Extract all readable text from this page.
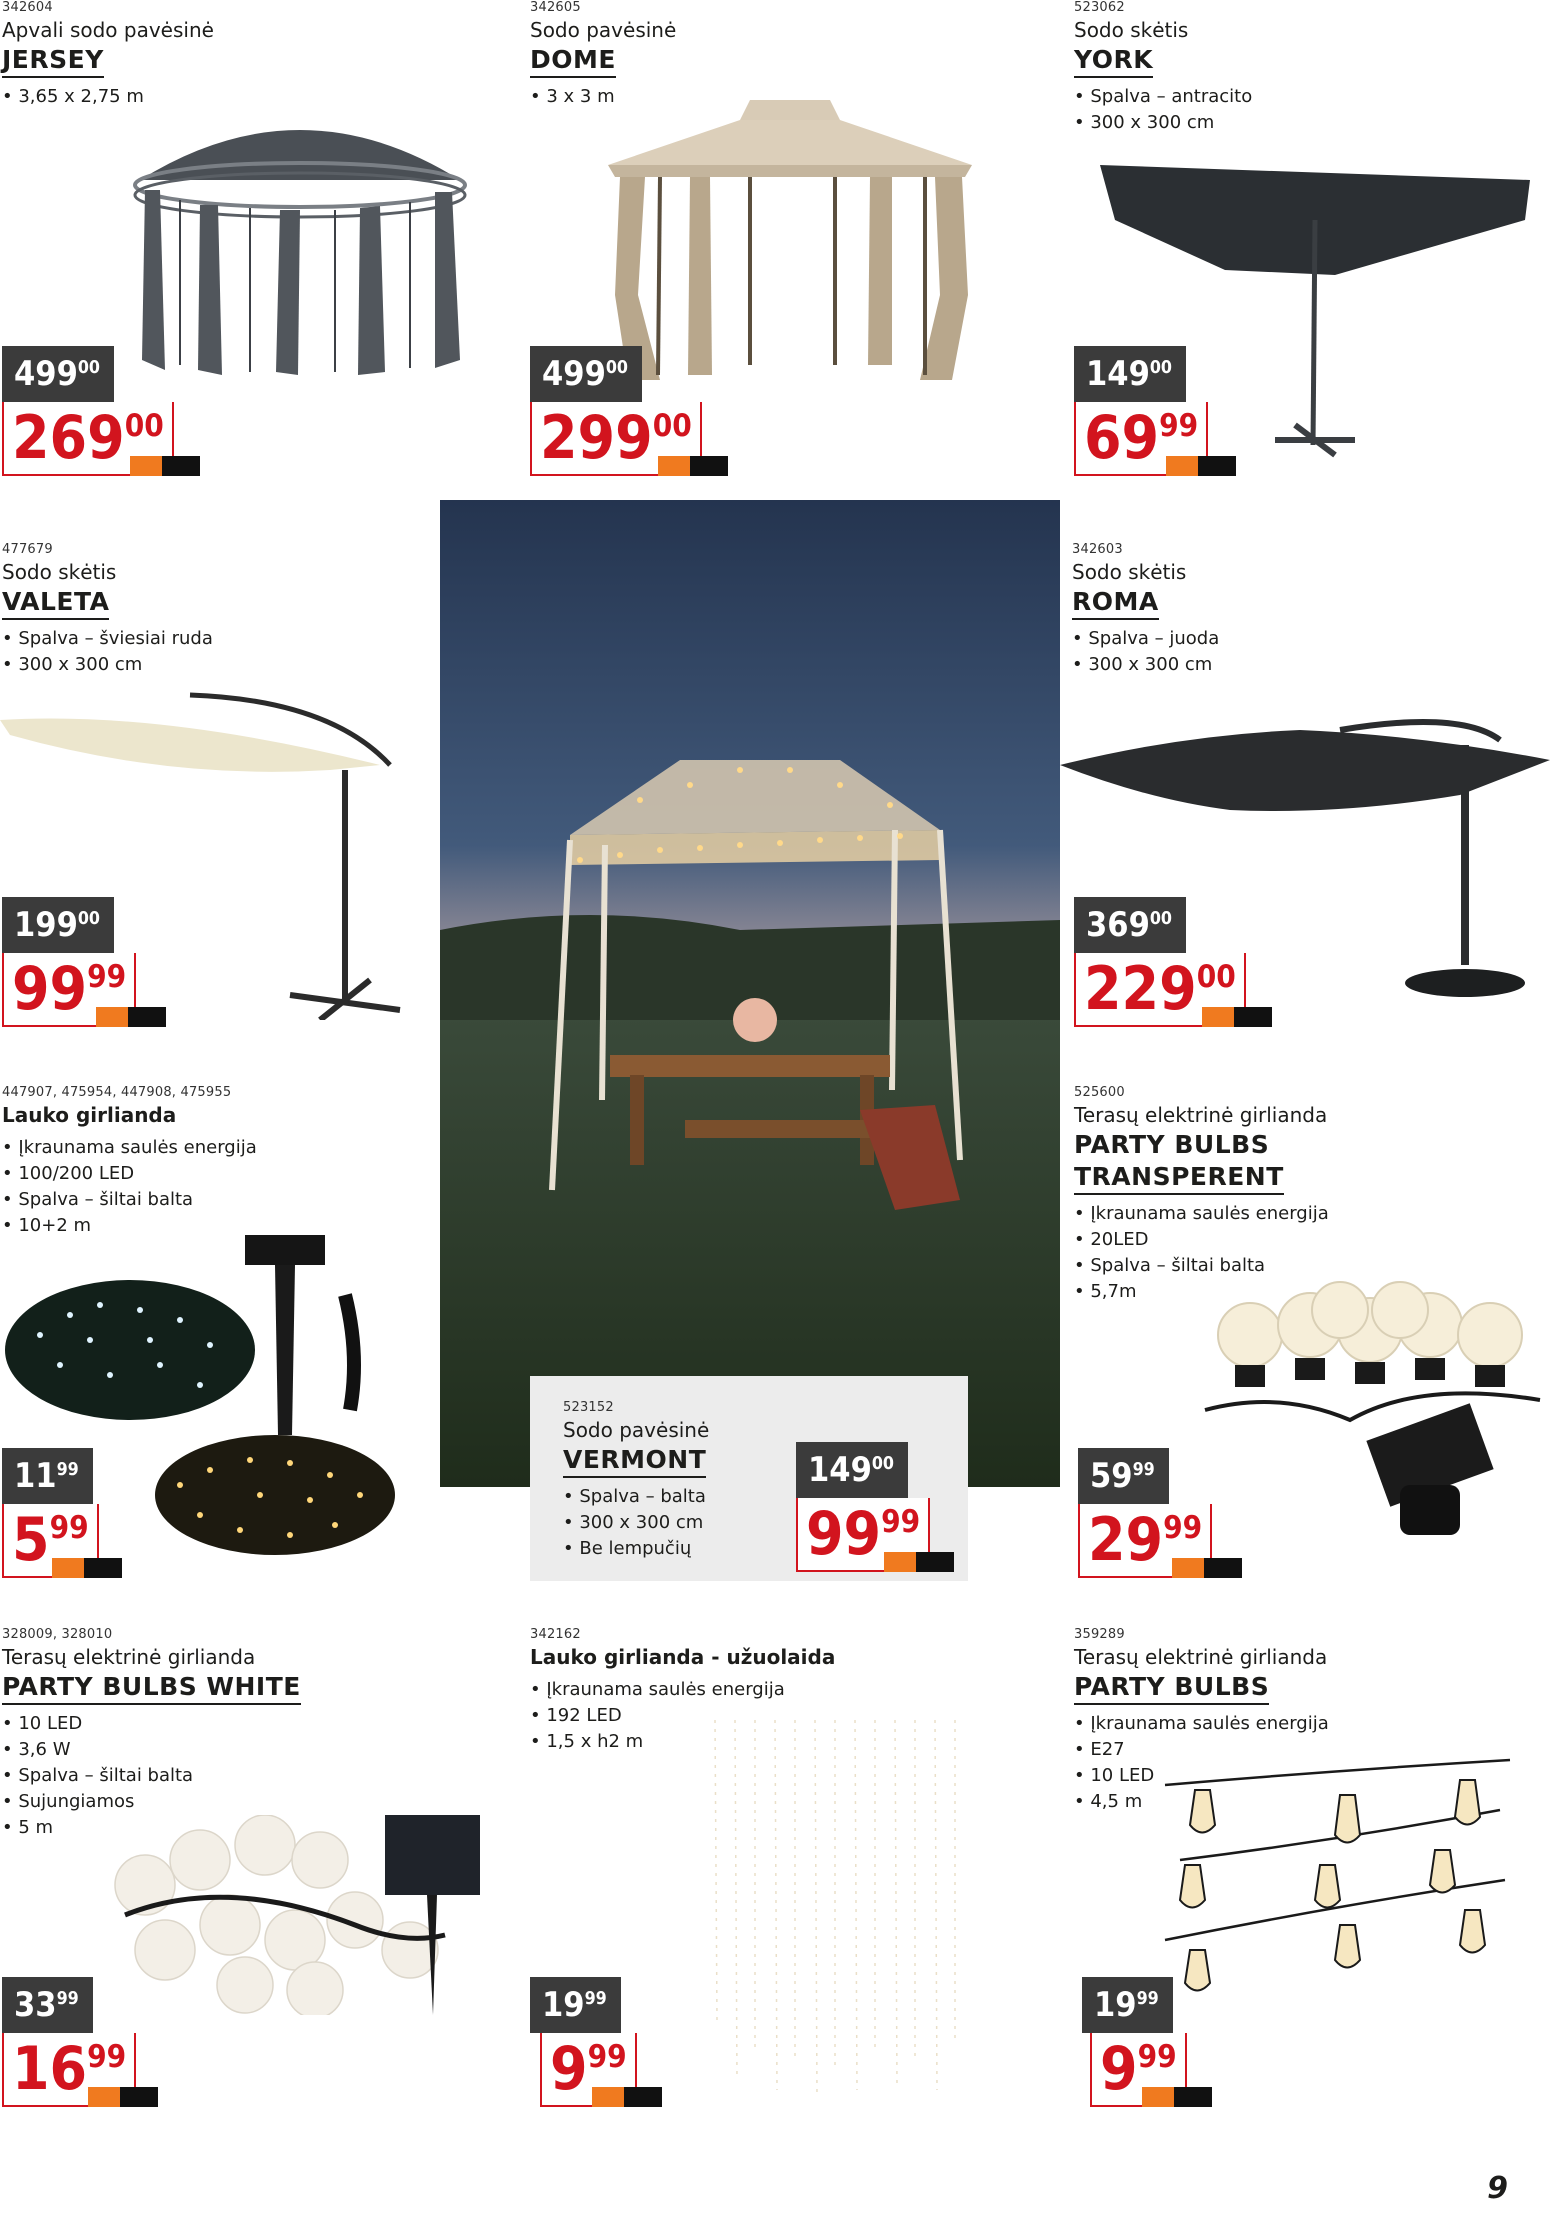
342604
Apvali sodo pavėsinė
JERSEY
• 3,65 x 2,75 m
$499^{00}$
$269^{00}$
342605
Sodo pavėsinė
DOME
• 3 x 3 m
$499^{00}$
$299^{00}$
523062
Sodo skėtis
YORK
• Spalva – antracito
• 300 x 300 cm
$149^{00}$
$69^{99}$
477679
Sodo skėtis
VALETA
• Spalva – šviesiai ruda
• 300 x 300 cm
$199^{00}$
$99^{99}$
342603
Sodo skėtis
ROMA
• Spalva – juoda
• 300 x 300 cm
$369^{00}$
$229^{00}$
447907, 475954, 447908, 475955
Lauko girlianda
• Įkraunama saulės energija
• 100/200 LED
• Spalva – šiltai balta
• 10+2 m
$11^{99}$
$5^{99}$
523152
Sodo pavėsinė
VERMONT
• Spalva – balta
• 300 x 300 cm
• Be lempučių
$149^{00}$
$99^{99}$
525600
Terasų elektrinė girlianda
PARTY BULBS
TRANSPERENT
• Įkraunama saulės energija
• 20LED
• Spalva – šiltai balta
• 5,7m
$59^{99}$
$29^{99}$
328009, 328010
Terasų elektrinė girlianda
PARTY BULBS WHITE
• 10 LED
• 3,6 W
• Spalva – šiltai balta
• Sujungiamos
• 5 m
$33^{99}$
$16^{99}$
342162
Lauko girlianda - užuolaida
• Įkraunama saulės energija
• 192 LED
• 1,5 x h2 m
$19^{99}$
$9^{99}$
359289
Terasų elektrinė girlianda
PARTY BULBS
• Įkraunama saulės energija
• E27
• 10 LED
• 4,5 m
$19^{99}$
$9^{99}$
9
